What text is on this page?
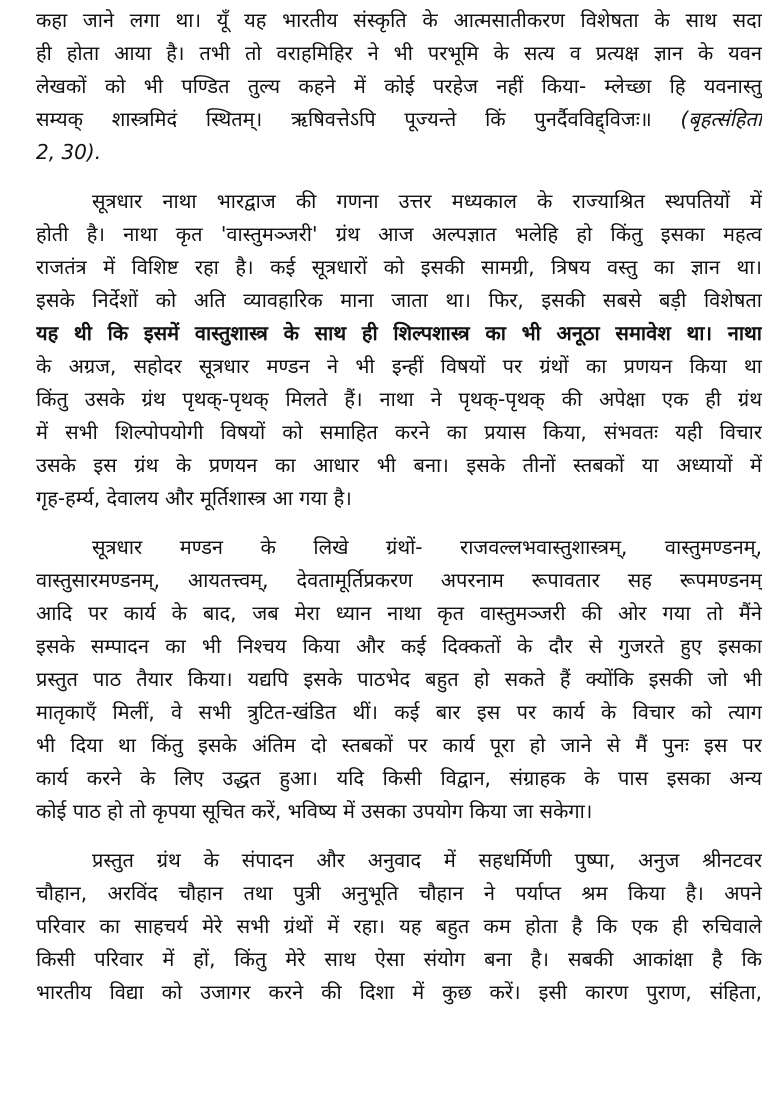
कहा जाने लगा था। यूँ यह भारतीय संस्कृति के आत्मसातीकरण विशेषता के साथ सदा
ही होता आया है। तभी तो वराहमिहिर ने भी परभूमि के सत्य व प्रत्यक्ष ज्ञान के यवन
लेखकों को भी पण्डित तुल्य कहने में कोई परहेज नहीं किया- म्लेच्छा हि यवनास्तु
सम्यक् शास्त्रमिदं स्थितम्। ऋषिवत्तेऽपि पूज्यन्ते किं पुनर्दैवविद्द्विजः॥ (बृहत्संहिता
2, 30).
सूत्रधार नाथा भारद्वाज की गणना उत्तर मध्यकाल के राज्याश्रित स्थपतियों में
होती है। नाथा कृत 'वास्तुमञ्जरी' ग्रंथ आज अल्पज्ञात भलेहि हो किंतु इसका महत्व
राजतंत्र में विशिष्ट रहा है। कई सूत्रधारों को इसकी सामग्री, त्रिषय वस्तु का ज्ञान था।
इसके निर्देशों को अति व्यावहारिक माना जाता था। फिर, इसकी सबसे बड़ी विशेषता
यह थी कि इसमें वास्तुशास्त्र के साथ ही शिल्पशास्त्र का भी अनूठा समावेश था। नाथा
के अग्रज, सहोदर सूत्रधार मण्डन ने भी इन्हीं विषयों पर ग्रंथों का प्रणयन किया था
किंतु उसके ग्रंथ पृथक्-पृथक् मिलते हैं। नाथा ने पृथक्-पृथक् की अपेक्षा एक ही ग्रंथ
में सभी शिल्पोपयोगी विषयों को समाहित करने का प्रयास किया, संभवतः यही विचार
उसके इस ग्रंथ के प्रणयन का आधार भी बना। इसके तीनों स्तबकों या अध्यायों में
गृह-हर्म्य, देवालय और मूर्तिशास्त्र आ गया है।
सूत्रधार मण्डन के लिखे ग्रंथों- राजवल्लभवास्तुशास्त्रम्, वास्तुमण्डनम्,
वास्तुसारमण्डनम्, आयतत्त्वम्, देवतामूर्तिप्रकरण अपरनाम रूपावतार सह रूपमण्डनम्
आदि पर कार्य के बाद, जब मेरा ध्यान नाथा कृत वास्तुमञ्जरी की ओर गया तो मैंने
इसके सम्पादन का भी निश्चय किया और कई दिक्कतों के दौर से गुजरते हुए इसका
प्रस्तुत पाठ तैयार किया। यद्यपि इसके पाठभेद बहुत हो सकते हैं क्योंकि इसकी जो भी
मातृकाएँ मिलीं, वे सभी त्रुटित-खंडित थीं। कई बार इस पर कार्य के विचार को त्याग
भी दिया था किंतु इसके अंतिम दो स्तबकों पर कार्य पूरा हो जाने से मैं पुनः इस पर
कार्य करने के लिए उद्धत हुआ। यदि किसी विद्वान, संग्राहक के पास इसका अन्य
कोई पाठ हो तो कृपया सूचित करें, भविष्य में उसका उपयोग किया जा सकेगा।
प्रस्तुत ग्रंथ के संपादन और अनुवाद में सहधर्मिणी पुष्पा, अनुज श्रीनटवर
चौहान, अरविंद चौहान तथा पुत्री अनुभूति चौहान ने पर्याप्त श्रम किया है। अपने
परिवार का साहचर्य मेरे सभी ग्रंथों में रहा। यह बहुत कम होता है कि एक ही रुचिवाले
किसी परिवार में हों, किंतु मेरे साथ ऐसा संयोग बना है। सबकी आकांक्षा है कि
भारतीय विद्या को उजागर करने की दिशा में कुछ करें। इसी कारण पुराण, संहिता,
